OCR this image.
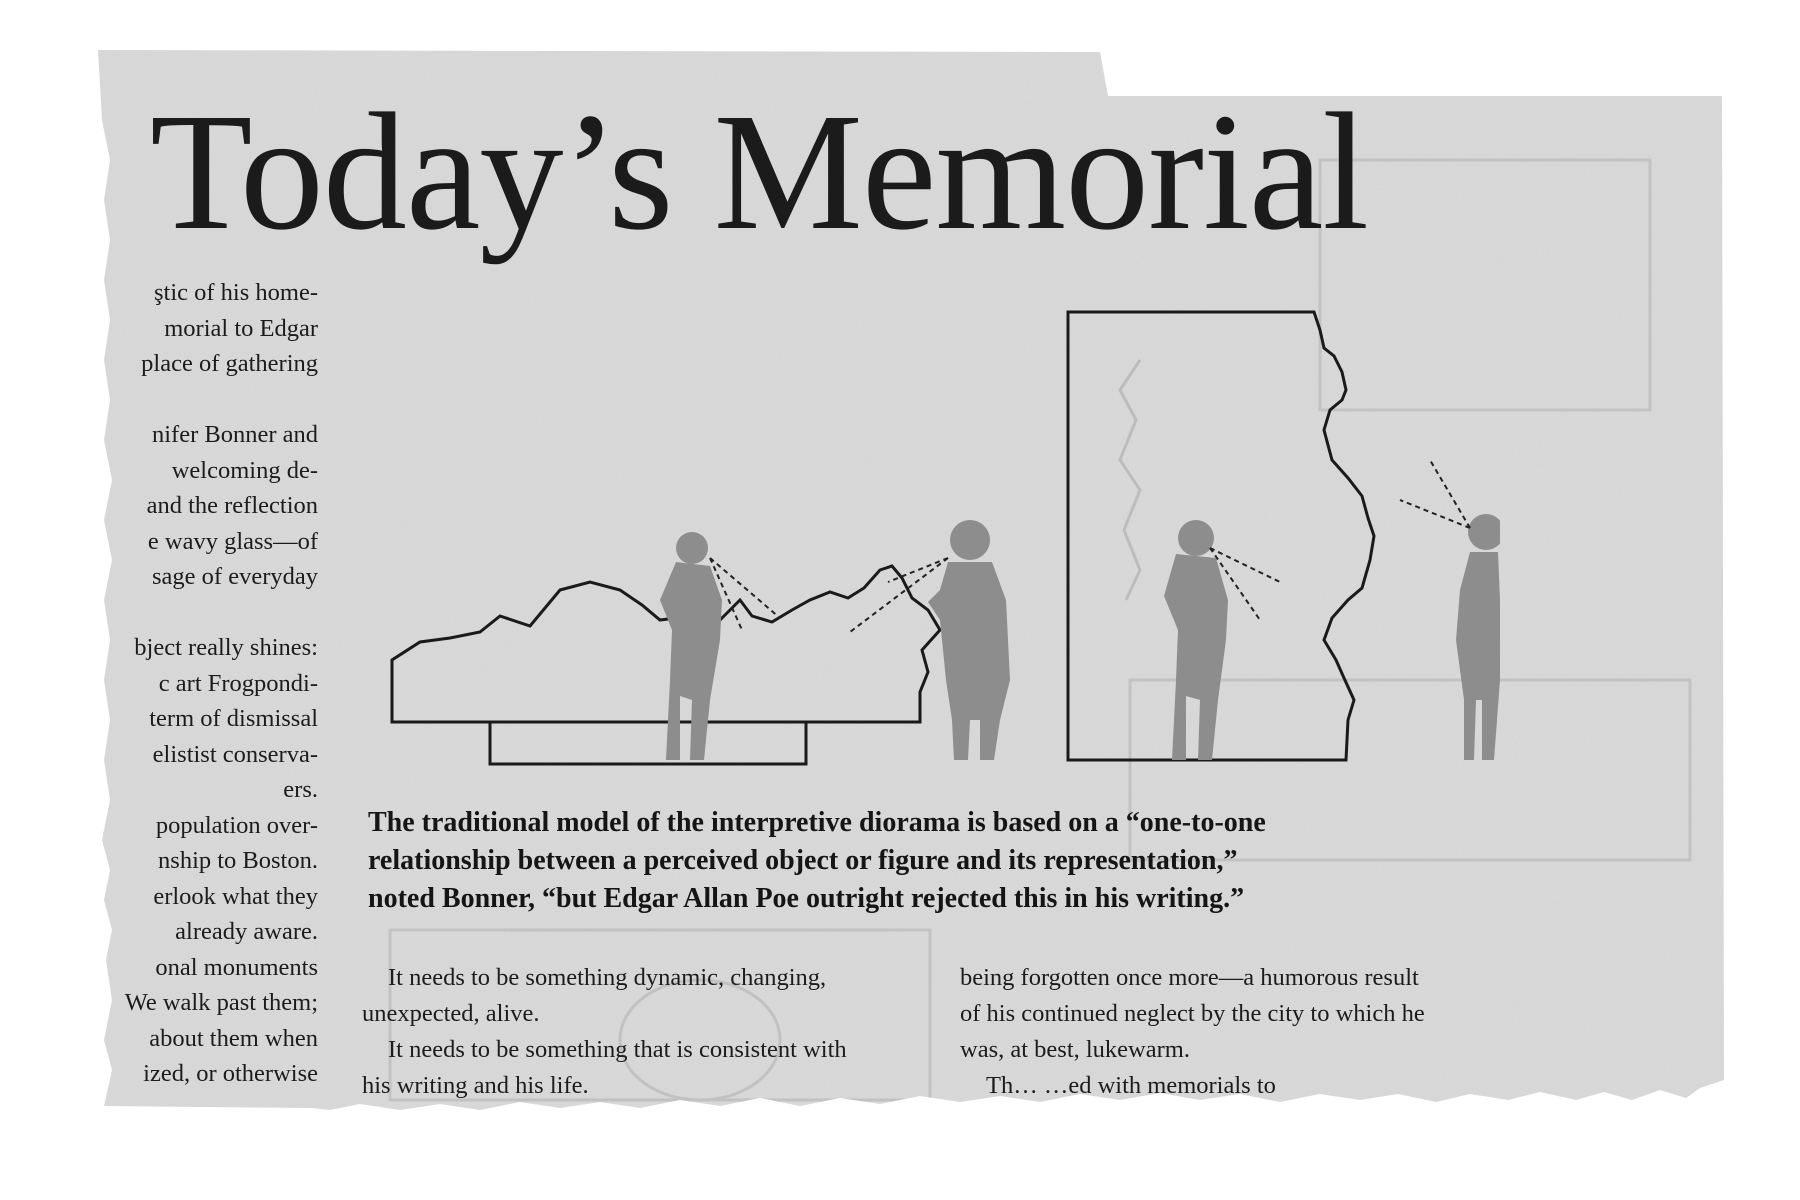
Today’s Memorial
ştic of his home-
morial to Edgar
place of gathering
nifer Bonner and
welcoming de-
and the reflection
e wavy glass—of
sage of everyday
bject really shines:
c art Frogpondi-
term of dismissal
elistist conserva-
ers.
population over-
nship to Boston.
erlook what they
already aware.
onal monuments
We walk past them;
about them when
ized, or otherwise
The traditional model of the interpretive diorama is based on a “one-to-one
relationship between a perceived object or figure and its representation,”
noted Bonner, “but Edgar Allan Poe outright rejected this in his writing.”
It needs to be something dynamic, changing,
unexpected, alive.
It needs to be something that is consistent with
his writing and his life.
being forgotten once more—a humorous result
of his continued neglect by the city to which he
was, at best, lukewarm.
Th… …ed with memorials to
